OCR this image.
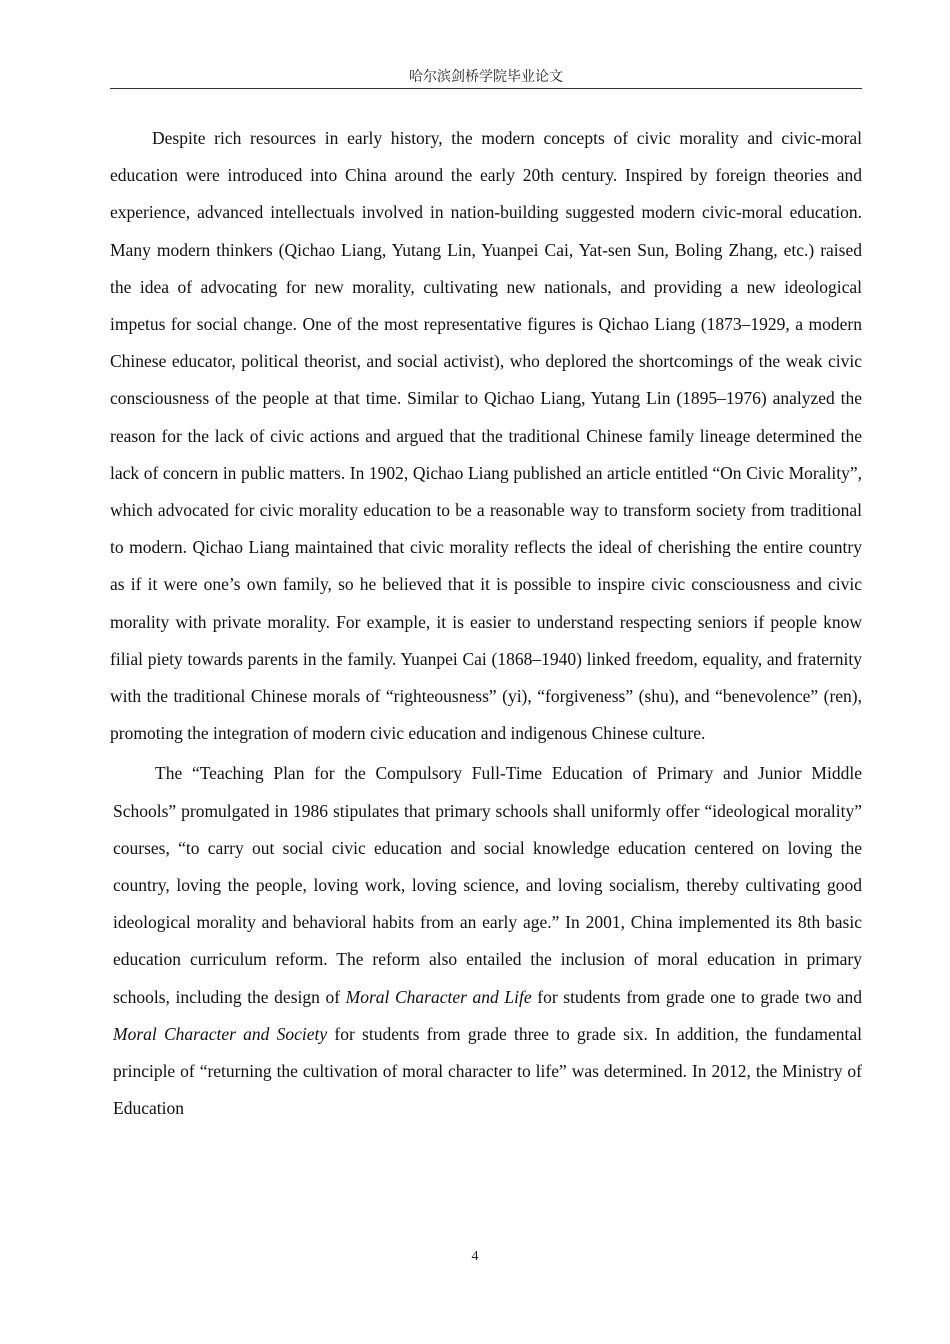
哈尔滨剑桥学院毕业论文

Despite rich resources in early history, the modern concepts of civic morality and civic-moral education were introduced into China around the early 20th century. Inspired by foreign theories and experience, advanced intellectuals involved in nation-building suggested modern civic-moral education. Many modern thinkers (Qichao Liang, Yutang Lin, Yuanpei Cai, Yat-sen Sun, Boling Zhang, etc.) raised the idea of advocating for new morality, cultivating new nationals, and providing a new ideological impetus for social change. One of the most representative figures is Qichao Liang (1873–1929, a modern Chinese educator, political theorist, and social activist), who deplored the shortcomings of the weak civic consciousness of the people at that time. Similar to Qichao Liang, Yutang Lin (1895–1976) analyzed the reason for the lack of civic actions and argued that the traditional Chinese family lineage determined the lack of concern in public matters. In 1902, Qichao Liang published an article entitled “On Civic Morality”, which advocated for civic morality education to be a reasonable way to transform society from traditional to modern. Qichao Liang maintained that civic morality reflects the ideal of cherishing the entire country as if it were one’s own family, so he believed that it is possible to inspire civic consciousness and civic morality with private morality. For example, it is easier to understand respecting seniors if people know filial piety towards parents in the family. Yuanpei Cai (1868–1940) linked freedom, equality, and fraternity with the traditional Chinese morals of “righteousness” (yi), “forgiveness” (shu), and “benevolence” (ren), promoting the integration of modern civic education and indigenous Chinese culture.

The “Teaching Plan for the Compulsory Full-Time Education of Primary and Junior Middle Schools” promulgated in 1986 stipulates that primary schools shall uniformly offer “ideological morality” courses, “to carry out social civic education and social knowledge education centered on loving the country, loving the people, loving work, loving science, and loving socialism, thereby cultivating good ideological morality and behavioral habits from an early age.” In 2001, China implemented its 8th basic education curriculum reform. The reform also entailed the inclusion of moral education in primary schools, including the design of Moral Character and Life for students from grade one to grade two and Moral Character and Society for students from grade three to grade six. In addition, the fundamental principle of “returning the cultivation of moral character to life” was determined. In 2012, the Ministry of Education

4
